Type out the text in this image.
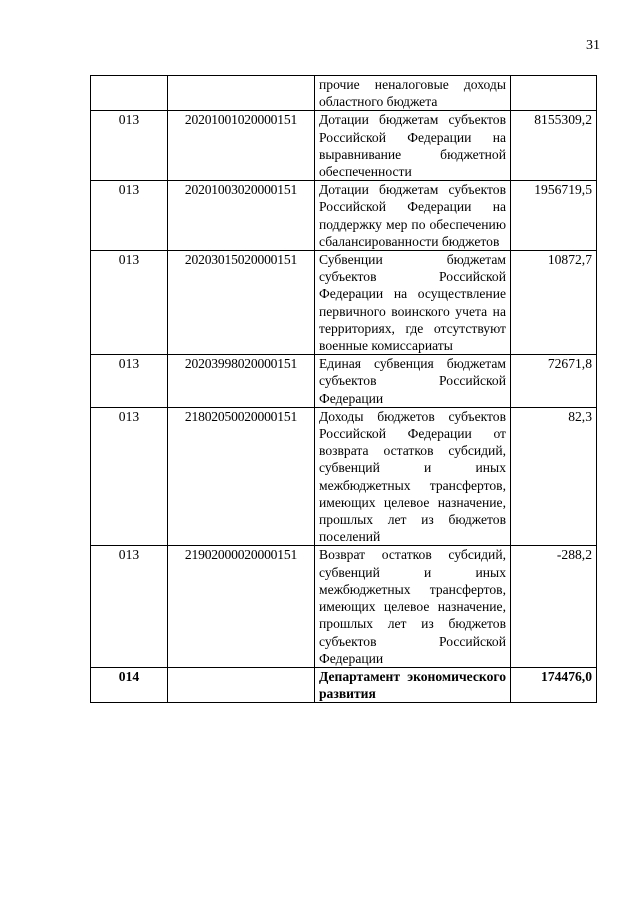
31
		прочие неналоговые доходы областного бюджета	
013	20201001020000151	Дотации бюджетам субъектов Российской Федерации на выравнивание бюджетной обеспеченности	8155309,2
013	20201003020000151	Дотации бюджетам субъектов Российской Федерации на поддержку мер по обеспечению сбалансированности бюджетов	1956719,5
013	20203015020000151	Субвенции бюджетам субъектов Российской Федерации на осуществление первичного воинского учета на территориях, где отсутствуют военные комиссариаты	10872,7
013	20203998020000151	Единая субвенция бюджетам субъектов Российской Федерации	72671,8
013	21802050020000151	Доходы бюджетов субъектов Российской Федерации от возврата остатков субсидий, субвенций и иных межбюджетных трансфертов, имеющих целевое назначение, прошлых лет из бюджетов поселений	82,3
013	21902000020000151	Возврат остатков субсидий, субвенций и иных межбюджетных трансфертов, имеющих целевое назначение, прошлых лет из бюджетов субъектов Российской Федерации	-288,2
014		Департамент экономического развития	174476,0
